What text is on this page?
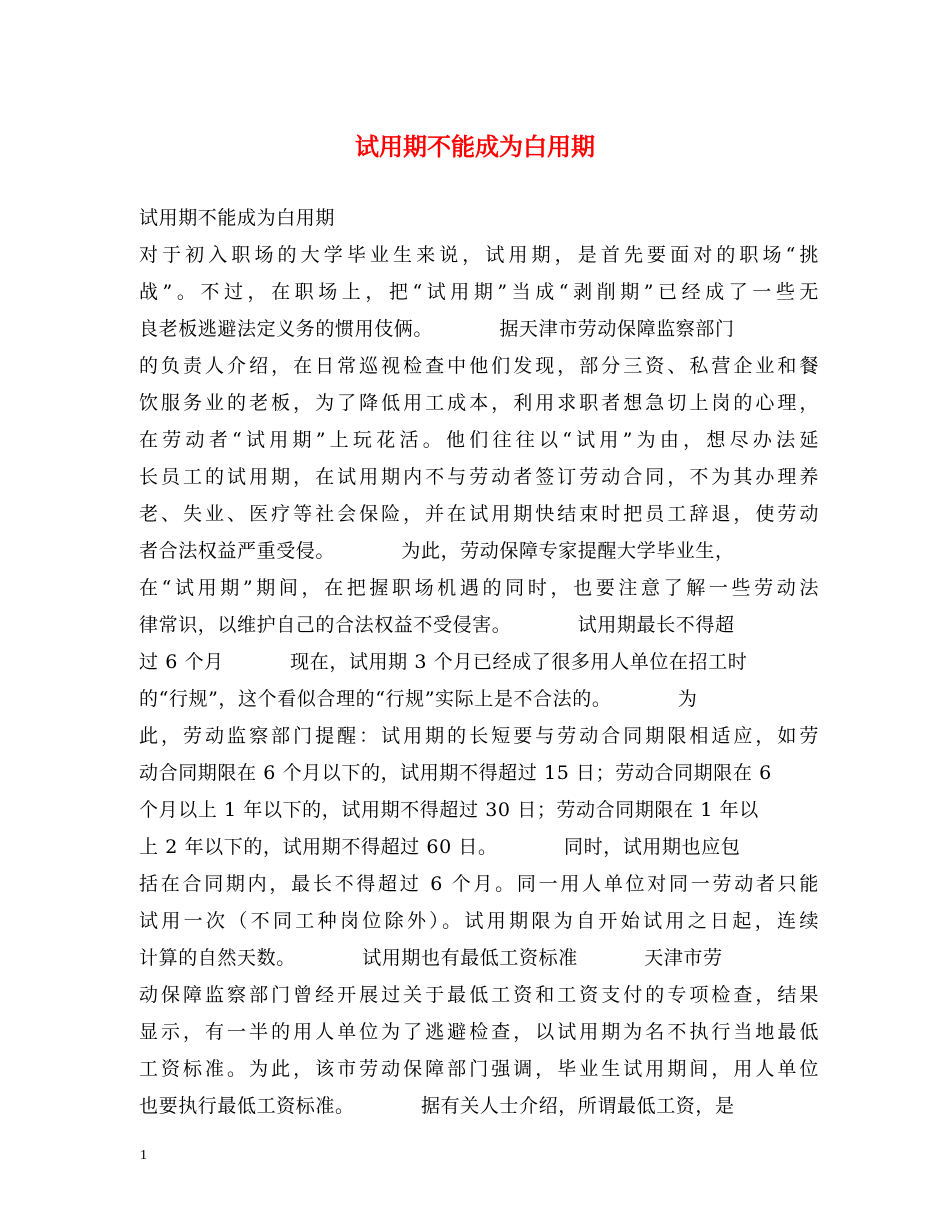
试用期不能成为白用期
试用期不能成为白用期
对于初入职场的大学毕业生来说，试用期，是首先要面对的职场“挑
战”。不过，在职场上，把“试用期”当成“剥削期”已经成了一些无
良老板逃避法定义务的惯用伎俩。          据天津市劳动保障监察部门
的负责人介绍，在日常巡视检查中他们发现，部分三资、私营企业和餐
饮服务业的老板，为了降低用工成本，利用求职者想急切上岗的心理，
在劳动者“试用期”上玩花活。他们往往以“试用”为由，想尽办法延
长员工的试用期，在试用期内不与劳动者签订劳动合同，不为其办理养
老、失业、医疗等社会保险，并在试用期快结束时把员工辞退，使劳动
者合法权益严重受侵。          为此，劳动保障专家提醒大学毕业生，
在“试用期”期间，在把握职场机遇的同时，也要注意了解一些劳动法
律常识，以维护自己的合法权益不受侵害。          试用期最长不得超
过 6 个月          现在，试用期 3 个月已经成了很多用人单位在招工时
的“行规”，这个看似合理的“行规”实际上是不合法的。          为
此，劳动监察部门提醒：试用期的长短要与劳动合同期限相适应，如劳
动合同期限在 6 个月以下的，试用期不得超过 15 日；劳动合同期限在 6
个月以上 1 年以下的，试用期不得超过 30 日；劳动合同期限在 1 年以
上 2 年以下的，试用期不得超过 60 日。          同时，试用期也应包
括在合同期内，最长不得超过 6 个月。同一用人单位对同一劳动者只能
试用一次（不同工种岗位除外）。试用期限为自开始试用之日起，连续
计算的自然天数。          试用期也有最低工资标准          天津市劳
动保障监察部门曾经开展过关于最低工资和工资支付的专项检查，结果
显示，有一半的用人单位为了逃避检查，以试用期为名不执行当地最低
工资标准。为此，该市劳动保障部门强调，毕业生试用期间，用人单位
也要执行最低工资标准。          据有关人士介绍，所谓最低工资，是
1
